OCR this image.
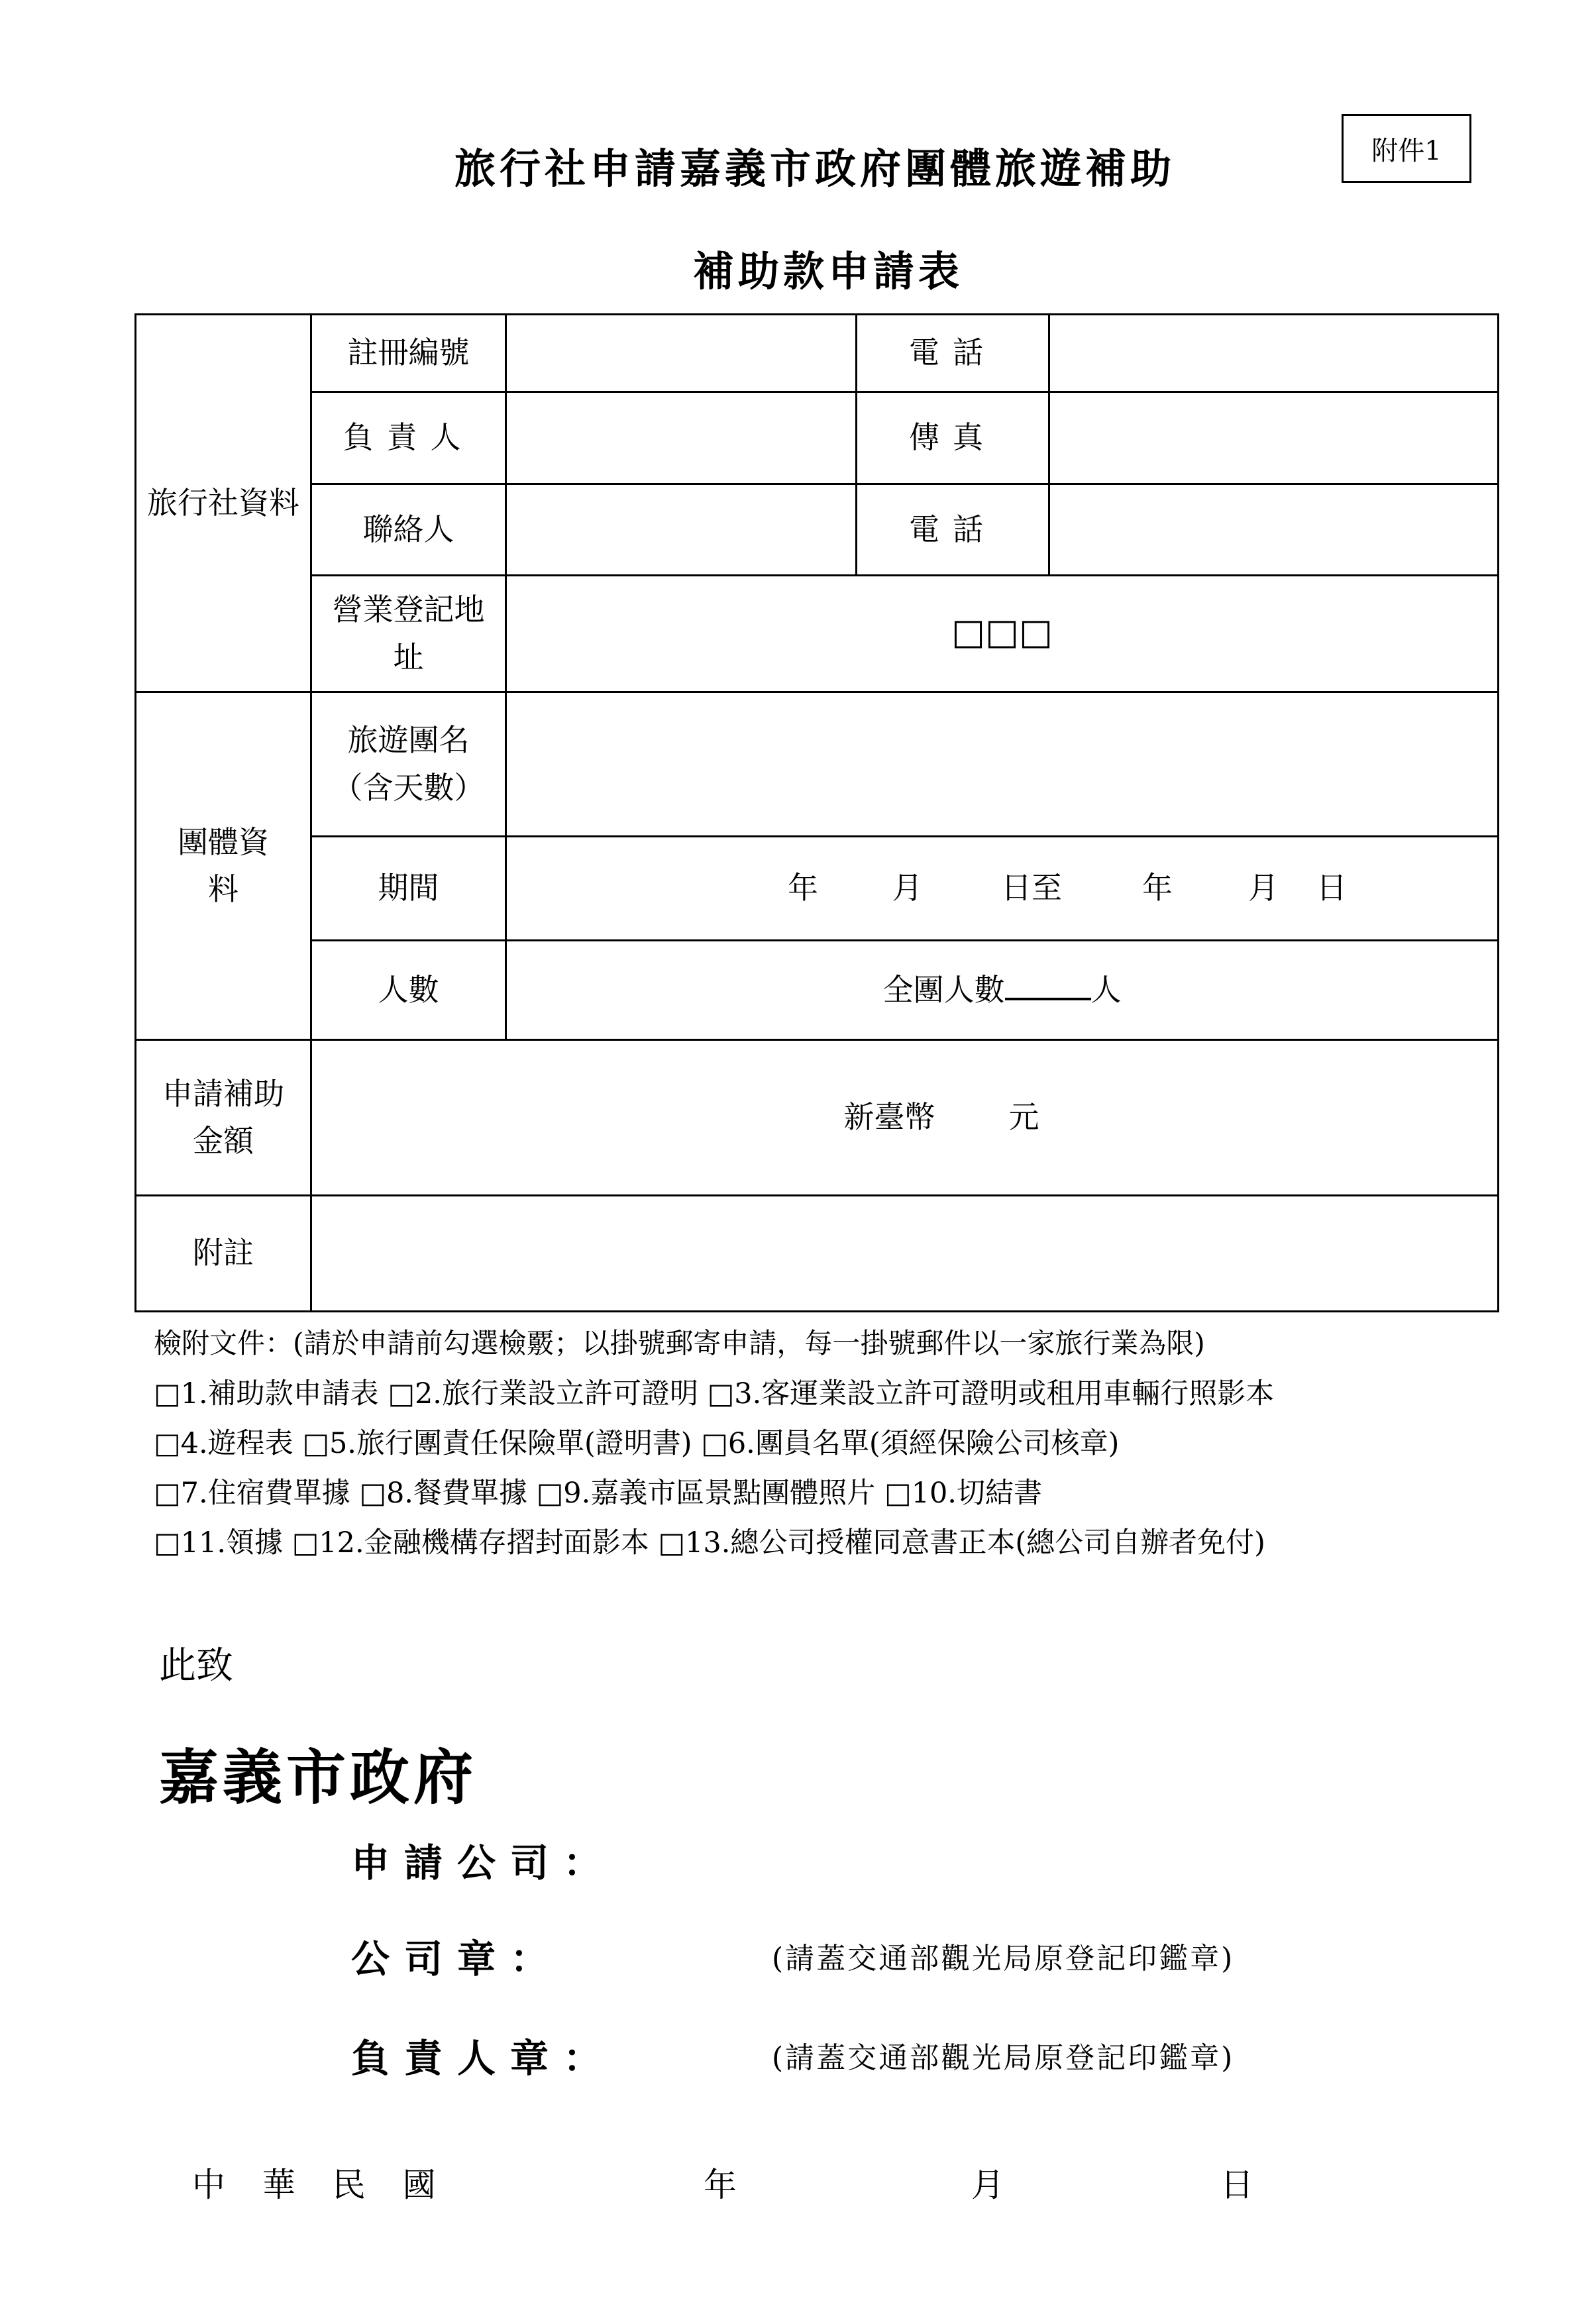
附件1
旅行社申請嘉義市政府團體旅遊補助
補助款申請表
旅行社資料	註冊編號		電話	
	負責人		傳真	
	聯絡人		電話	
	營業登記地址	□□□		
團體資料	旅遊團名（含天數）			
	期間	年 月 日至 年 月 日		
	人數	全團人數 人		
申請補助金額	新臺幣 元			
附註				
檢附文件：(請於申請前勾選檢覈；以掛號郵寄申請，每一掛號郵件以一家旅行業為限)
□1.補助款申請表 □2.旅行業設立許可證明 □3.客運業設立許可證明或租用車輛行照影本
□4.遊程表 □5.旅行團責任保險單(證明書) □6.團員名單(須經保險公司核章)
□7.住宿費單據 □8.餐費單據 □9.嘉義市區景點團體照片 □10.切結書
□11.領據 □12.金融機構存摺封面影本 □13.總公司授權同意書正本(總公司自辦者免付)
此致
嘉義市政府
申請公司：
公司章：	(請蓋交通部觀光局原登記印鑑章)
負責人章：	(請蓋交通部觀光局原登記印鑑章)
中 華 民 國	年	月	日
